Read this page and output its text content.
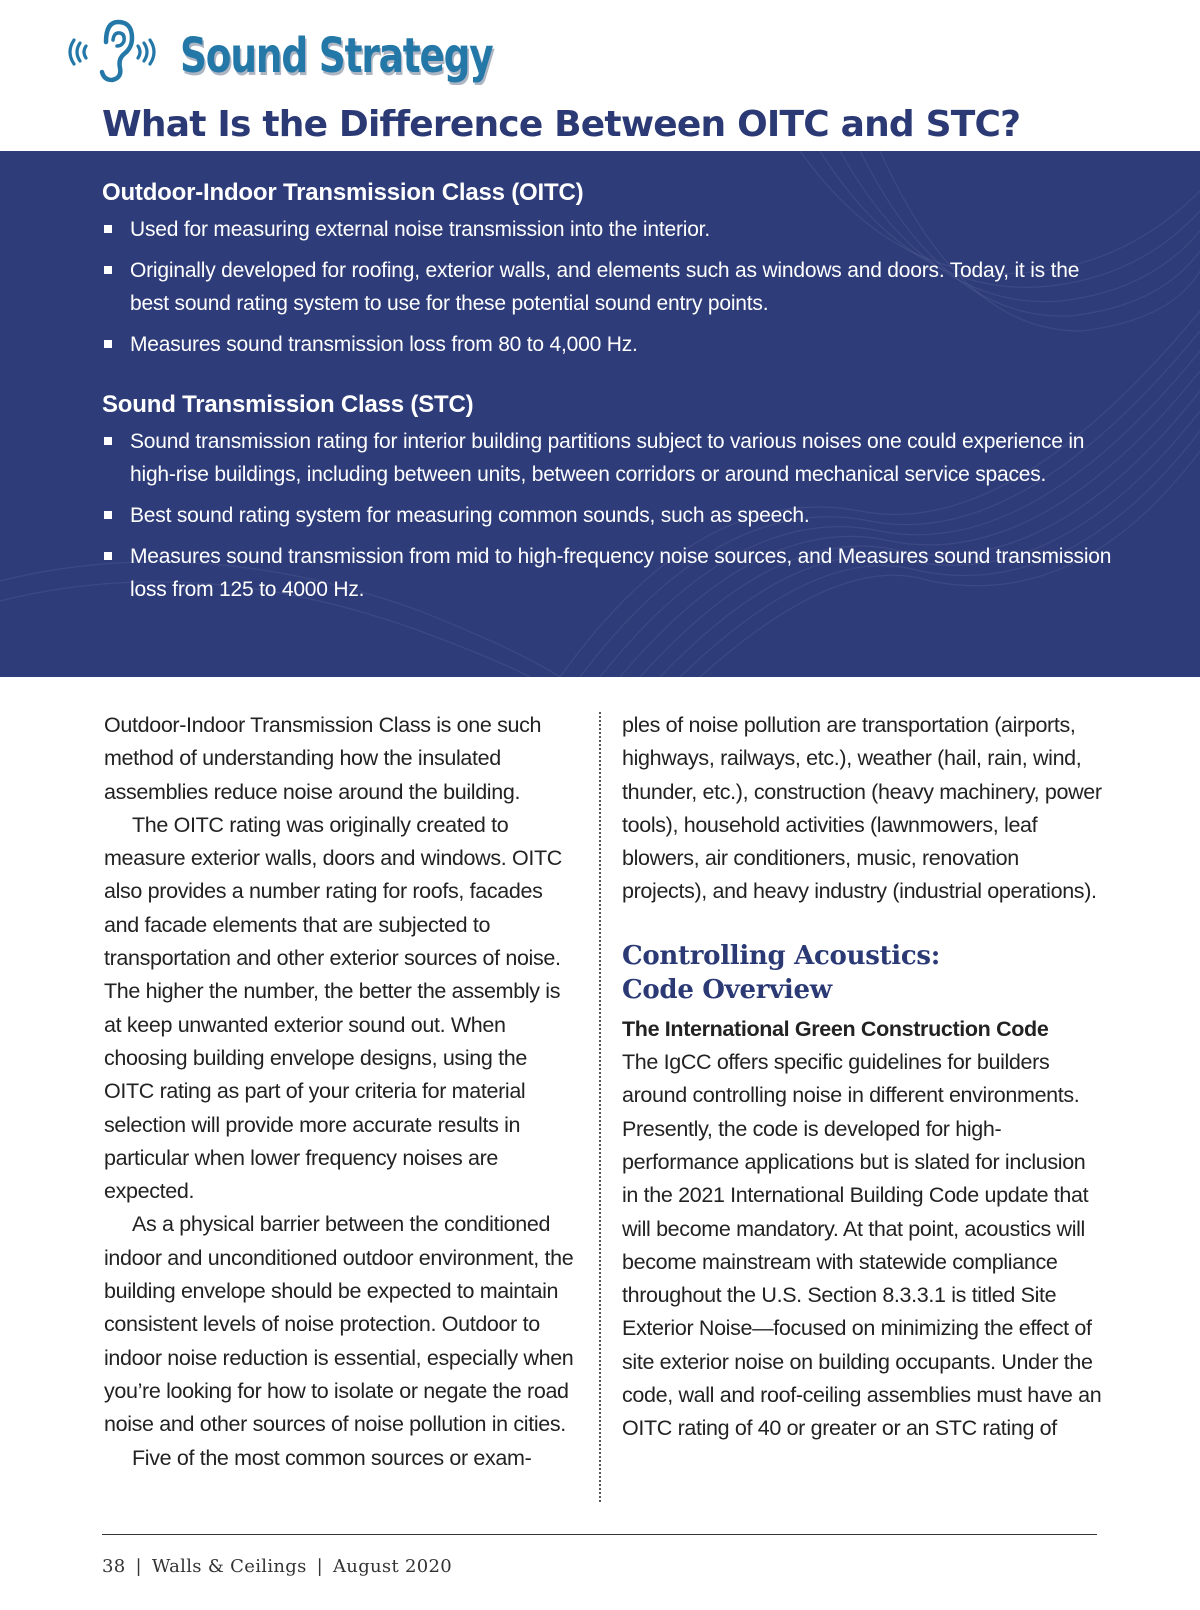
Sound Strategy
What Is the Difference Between OITC and STC?
Outdoor-Indoor Transmission Class (OITC)
Used for measuring external noise transmission into the interior.
Originally developed for roofing, exterior walls, and elements such as windows and doors. Today, it is the best sound rating system to use for these potential sound entry points.
Measures sound transmission loss from 80 to 4,000 Hz.
Sound Transmission Class (STC)
Sound transmission rating for interior building partitions subject to various noises one could experience in high-rise buildings, including between units, between corridors or around mechanical service spaces.
Best sound rating system for measuring common sounds, such as speech.
Measures sound transmission from mid to high-frequency noise sources, and Measures sound transmission loss from 125 to 4000 Hz.

Outdoor-Indoor Transmission Class is one such method of understanding how the insulated assemblies reduce noise around the building.

The OITC rating was originally created to measure exterior walls, doors and windows. OITC also provides a number rating for roofs, facades and facade elements that are subjected to transportation and other exterior sources of noise. The higher the number, the better the assembly is at keep unwanted exterior sound out. When choosing building envelope designs, using the OITC rating as part of your criteria for material selection will provide more accurate results in particular when lower frequency noises are expected.

As a physical barrier between the conditioned indoor and unconditioned outdoor environment, the building envelope should be expected to maintain consistent levels of noise protection. Outdoor to indoor noise reduction is essential, especially when you’re looking for how to isolate or negate the road noise and other sources of noise pollution in cities.

Five of the most common sources or exam-

ples of noise pollution are transportation (airports, highways, railways, etc.), weather (hail, rain, wind, thunder, etc.), construction (heavy machinery, power tools), household activities (lawnmowers, leaf blowers, air conditioners, music, renovation projects), and heavy industry (industrial operations).

Controlling Acoustics:
Code Overview

The International Green Construction Code

The IgCC offers specific guidelines for builders around controlling noise in different environments. Presently, the code is developed for high-performance applications but is slated for inclusion in the 2021 International Building Code update that will become mandatory. At that point, acoustics will become mainstream with statewide compliance throughout the U.S. Section 8.3.3.1 is titled Site Exterior Noise—focused on minimizing the effect of site exterior noise on building occupants. Under the code, wall and roof-ceiling assemblies must have an OITC rating of 40 or greater or an STC rating of

38 | Walls & Ceilings | August 2020
